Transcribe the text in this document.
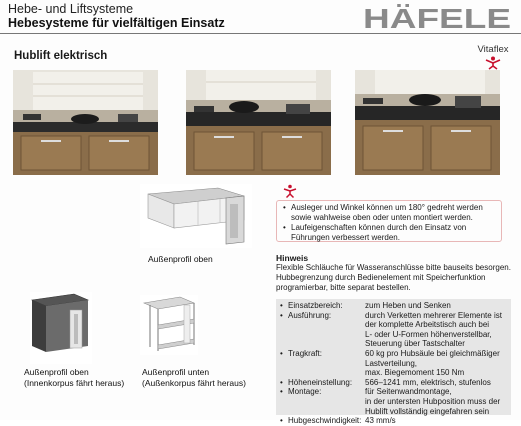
Hebe- und Liftsysteme
Hebesysteme für vielfältigen Einsatz	HÄFELE
Hublift elektrisch
Vitaflex
Außenprofil oben
Außenprofil oben
(Innenkorpus fährt heraus)
Außenprofil unten
(Außenkorpus fährt heraus)
• Ausleger und Winkel können um 180° gedreht werden sowie wahlweise oben oder unten montiert werden.
• Laufeigenschaften können durch den Einsatz von Führungen verbessert werden.
Hinweis
Flexible Schläuche für Wasseranschlüsse bitte bauseits besorgen. Hubbegrenzung durch Bedienelement mit Speicherfunktion programierbar, bitte separat bestellen.
• Einsatzbereich:	zum Heben und Senken
• Ausführung:	durch Verketten mehrerer Elemente ist
der komplette Arbeitstisch auch bei
L- oder U-Formen höhenverstellbar,
Steuerung über Tastschalter
• Tragkraft:	60 kg pro Hubsäule bei gleichmäßiger
Lastverteilung,
max. Biegemoment 150 Nm
• Höheneinstellung:	566–1241 mm, elektrisch, stufenlos
• Montage:	für Seitenwandmontage,
in der untersten Hubposition muss der
Hublift vollständig eingefahren sein
• Hubgeschwindigkeit: 43 mm/s
